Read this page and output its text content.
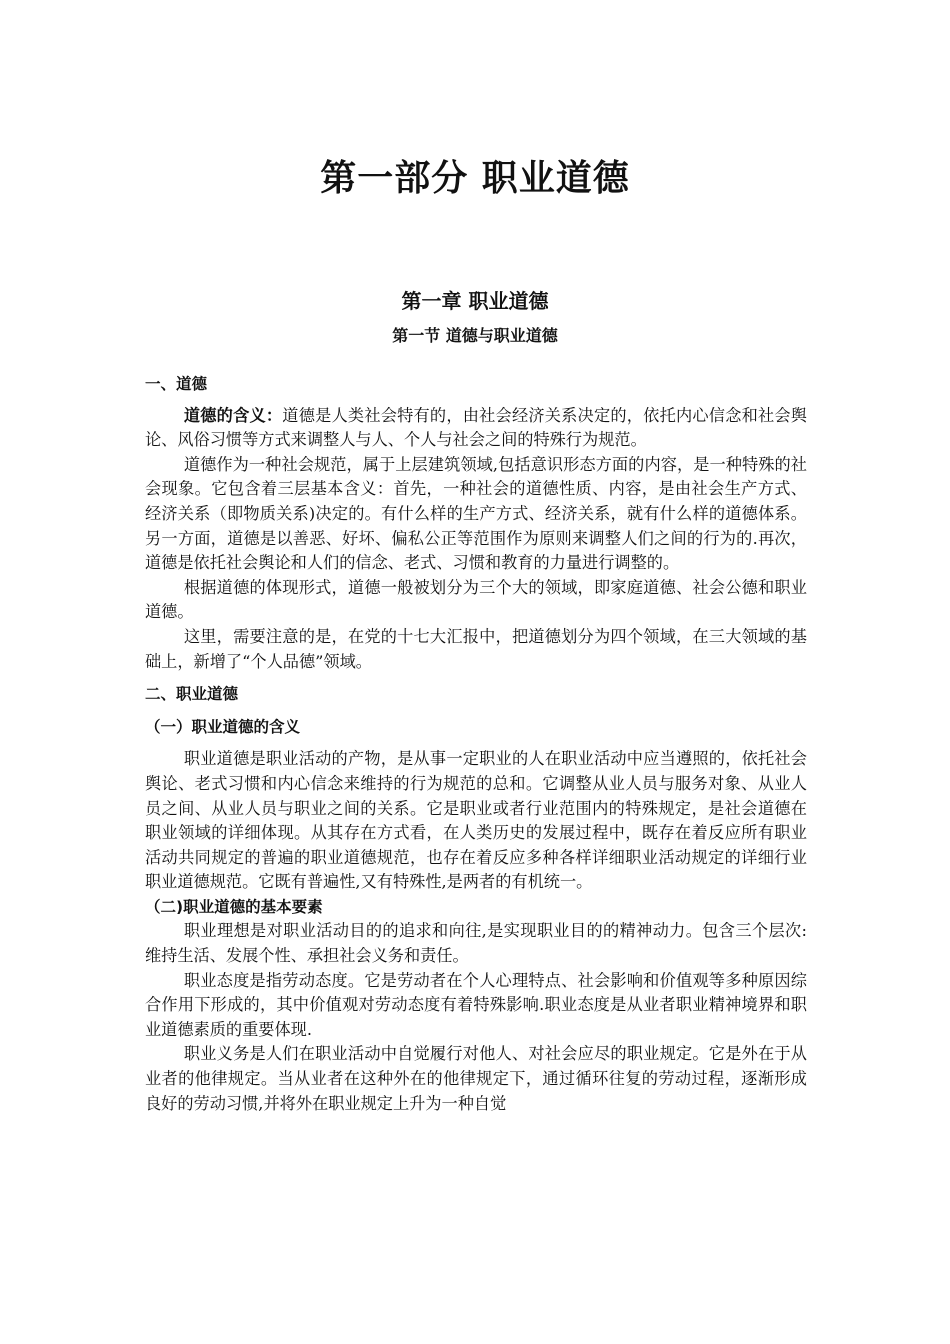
第一部分 职业道德
第一章 职业道德
第一节 道德与职业道德

一、道德

道德的含义：道德是人类社会特有的，由社会经济关系决定的，依托内心信念和社会舆论、风俗习惯等方式来调整人与人、个人与社会之间的特殊行为规范。

道德作为一种社会规范，属于上层建筑领域,包括意识形态方面的内容，是一种特殊的社会现象。它包含着三层基本含义：首先，一种社会的道德性质、内容，是由社会生产方式、经济关系（即物质关系)决定的。有什么样的生产方式、经济关系，就有什么样的道德体系。另一方面，道德是以善恶、好坏、偏私公正等范围作为原则来调整人们之间的行为的.再次，道德是依托社会舆论和人们的信念、老式、习惯和教育的力量进行调整的。

根据道德的体现形式，道德一般被划分为三个大的领域，即家庭道德、社会公德和职业道德。

这里，需要注意的是，在党的十七大汇报中，把道德划分为四个领域，在三大领域的基础上，新增了“个人品德”领域。

二、职业道德

（一）职业道德的含义

职业道德是职业活动的产物，是从事一定职业的人在职业活动中应当遵照的，依托社会舆论、老式习惯和内心信念来维持的行为规范的总和。它调整从业人员与服务对象、从业人员之间、从业人员与职业之间的关系。它是职业或者行业范围内的特殊规定，是社会道德在职业领域的详细体现。从其存在方式看，在人类历史的发展过程中，既存在着反应所有职业活动共同规定的普遍的职业道德规范，也存在着反应多种各样详细职业活动规定的详细行业职业道德规范。它既有普遍性,又有特殊性,是两者的有机统一。

（二)职业道德的基本要素

职业理想是对职业活动目的的追求和向往,是实现职业目的的精神动力。包含三个层次:维持生活、发展个性、承担社会义务和责任。

职业态度是指劳动态度。它是劳动者在个人心理特点、社会影响和价值观等多种原因综合作用下形成的，其中价值观对劳动态度有着特殊影响.职业态度是从业者职业精神境界和职业道德素质的重要体现.

职业义务是人们在职业活动中自觉履行对他人、对社会应尽的职业规定。它是外在于从业者的他律规定。当从业者在这种外在的他律规定下，通过循环往复的劳动过程，逐渐形成良好的劳动习惯,并将外在职业规定上升为一种自觉
